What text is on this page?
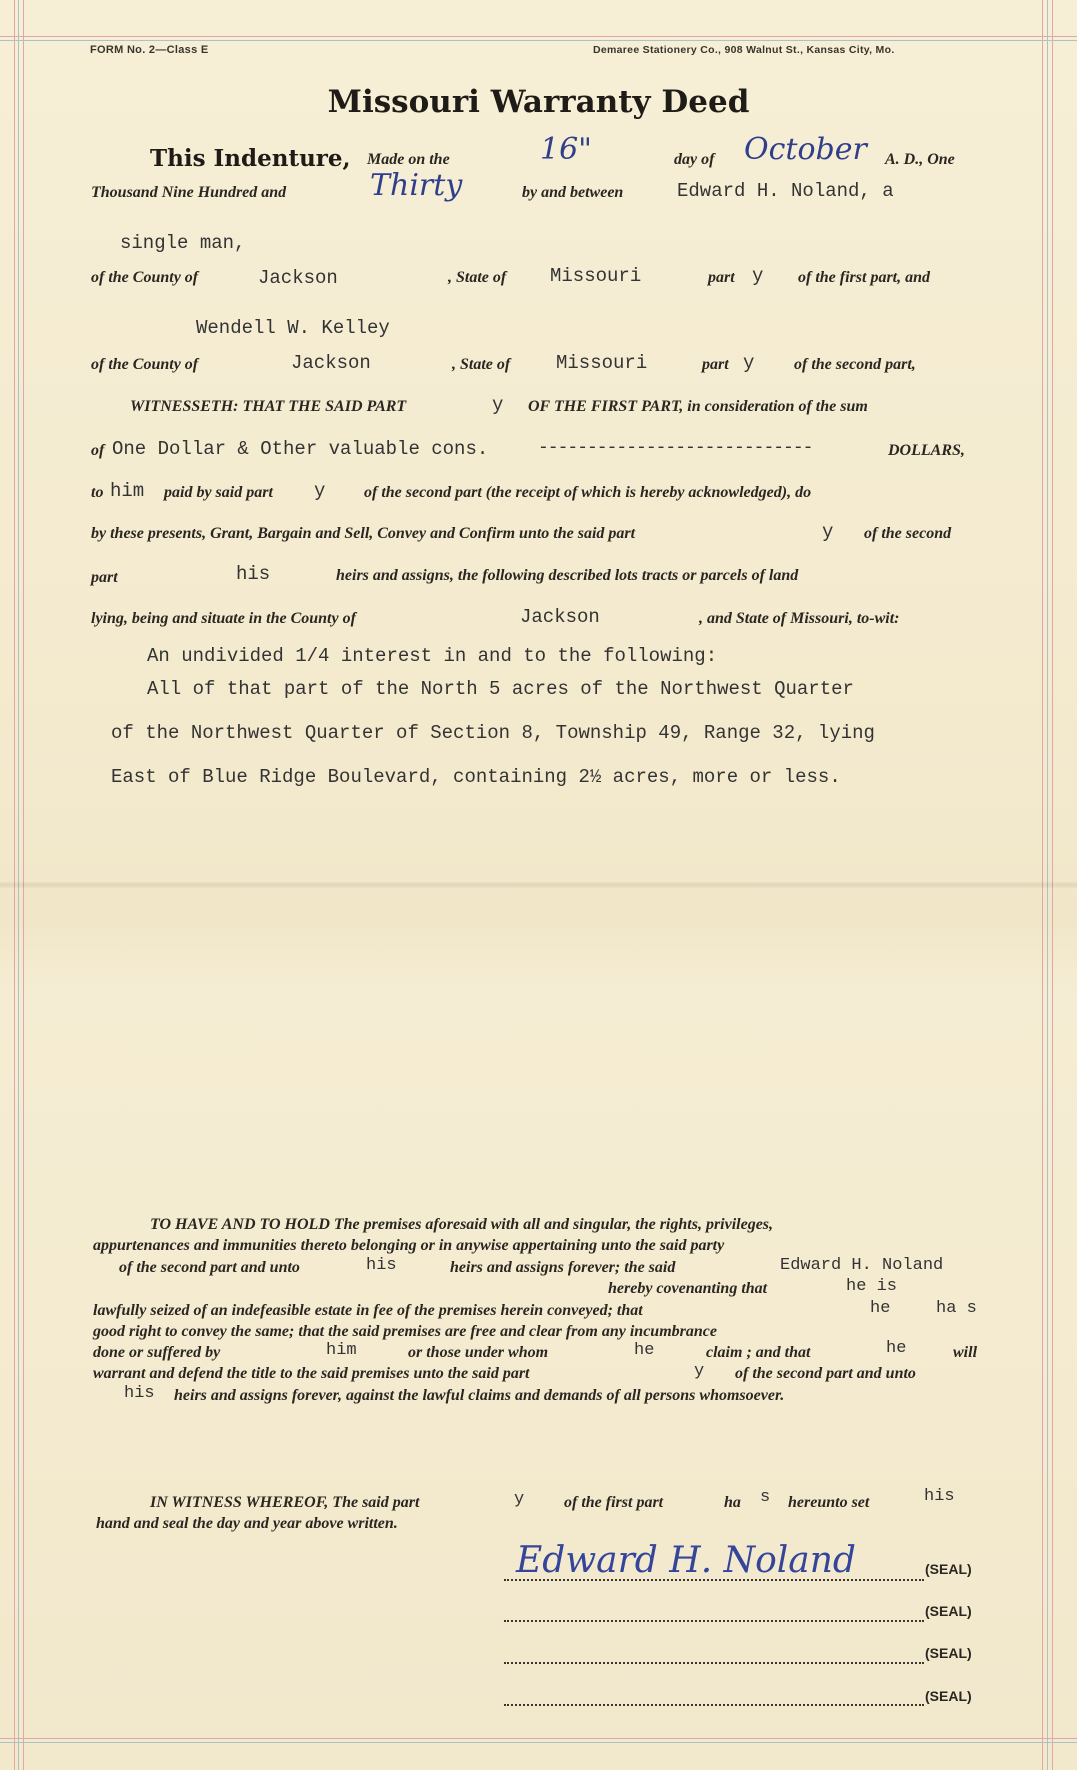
FORM No. 2—Class E	Demaree Stationery Co., 908 Walnut St., Kansas City, Mo.
Missouri Warranty Deed
This Indenture, Made on the	16"	day of October A. D., One
Thousand Nine Hundred and	Thirty	by and between	Edward H. Noland, a
single man,
of the County of	Jackson	, State of Missouri	part y of the first part, and
Wendell W. Kelley
of the County of	Jackson	, State of Missouri	part y of the second part,
WITNESSETH: THAT THE SAID PART	y OF THE FIRST PART, in consideration of the sum
of One Dollar & Other valuable cons.	----------------------------	DOLLARS,
to him paid by said part y of the second part (the receipt of which is hereby acknowledged), do
by these presents, Grant, Bargain and Sell, Convey and Confirm unto the said part	y of the second
part	his	heirs and assigns, the following described lots tracts or parcels of land
lying, being and situate in the County of	Jackson	, and State of Missouri, to-wit:
An undivided 1/4 interest in and to the following:
All of that part of the North 5 acres of the Northwest Quarter
of the Northwest Quarter of Section 8, Township 49, Range 32, lying
East of Blue Ridge Boulevard, containing 2½ acres, more or less.
TO HAVE AND TO HOLD The premises aforesaid with all and singular, the rights, privileges,
appurtenances and immunities thereto belonging or in anywise appertaining unto the said party
of the second part and unto	his	heirs and assigns forever; the said	Edward H. Noland
hereby covenanting that	he is
lawfully seized of an indefeasible estate in fee of the premises herein conveyed; that	he	ha s
good right to convey the same; that the said premises are free and clear from any incumbrance
done or suffered by	him	or those under whom	he	claim ; and that	he	will
warrant and defend the title to the said premises unto the said part	y of the second part and unto
his heirs and assigns forever, against the lawful claims and demands of all persons whomsoever.
IN WITNESS WHEREOF, The said part	y of the first part	ha s hereunto set	his
hand and seal the day and year above written.
Edward H. Noland	(SEAL)
(SEAL)
(SEAL)
(SEAL)
